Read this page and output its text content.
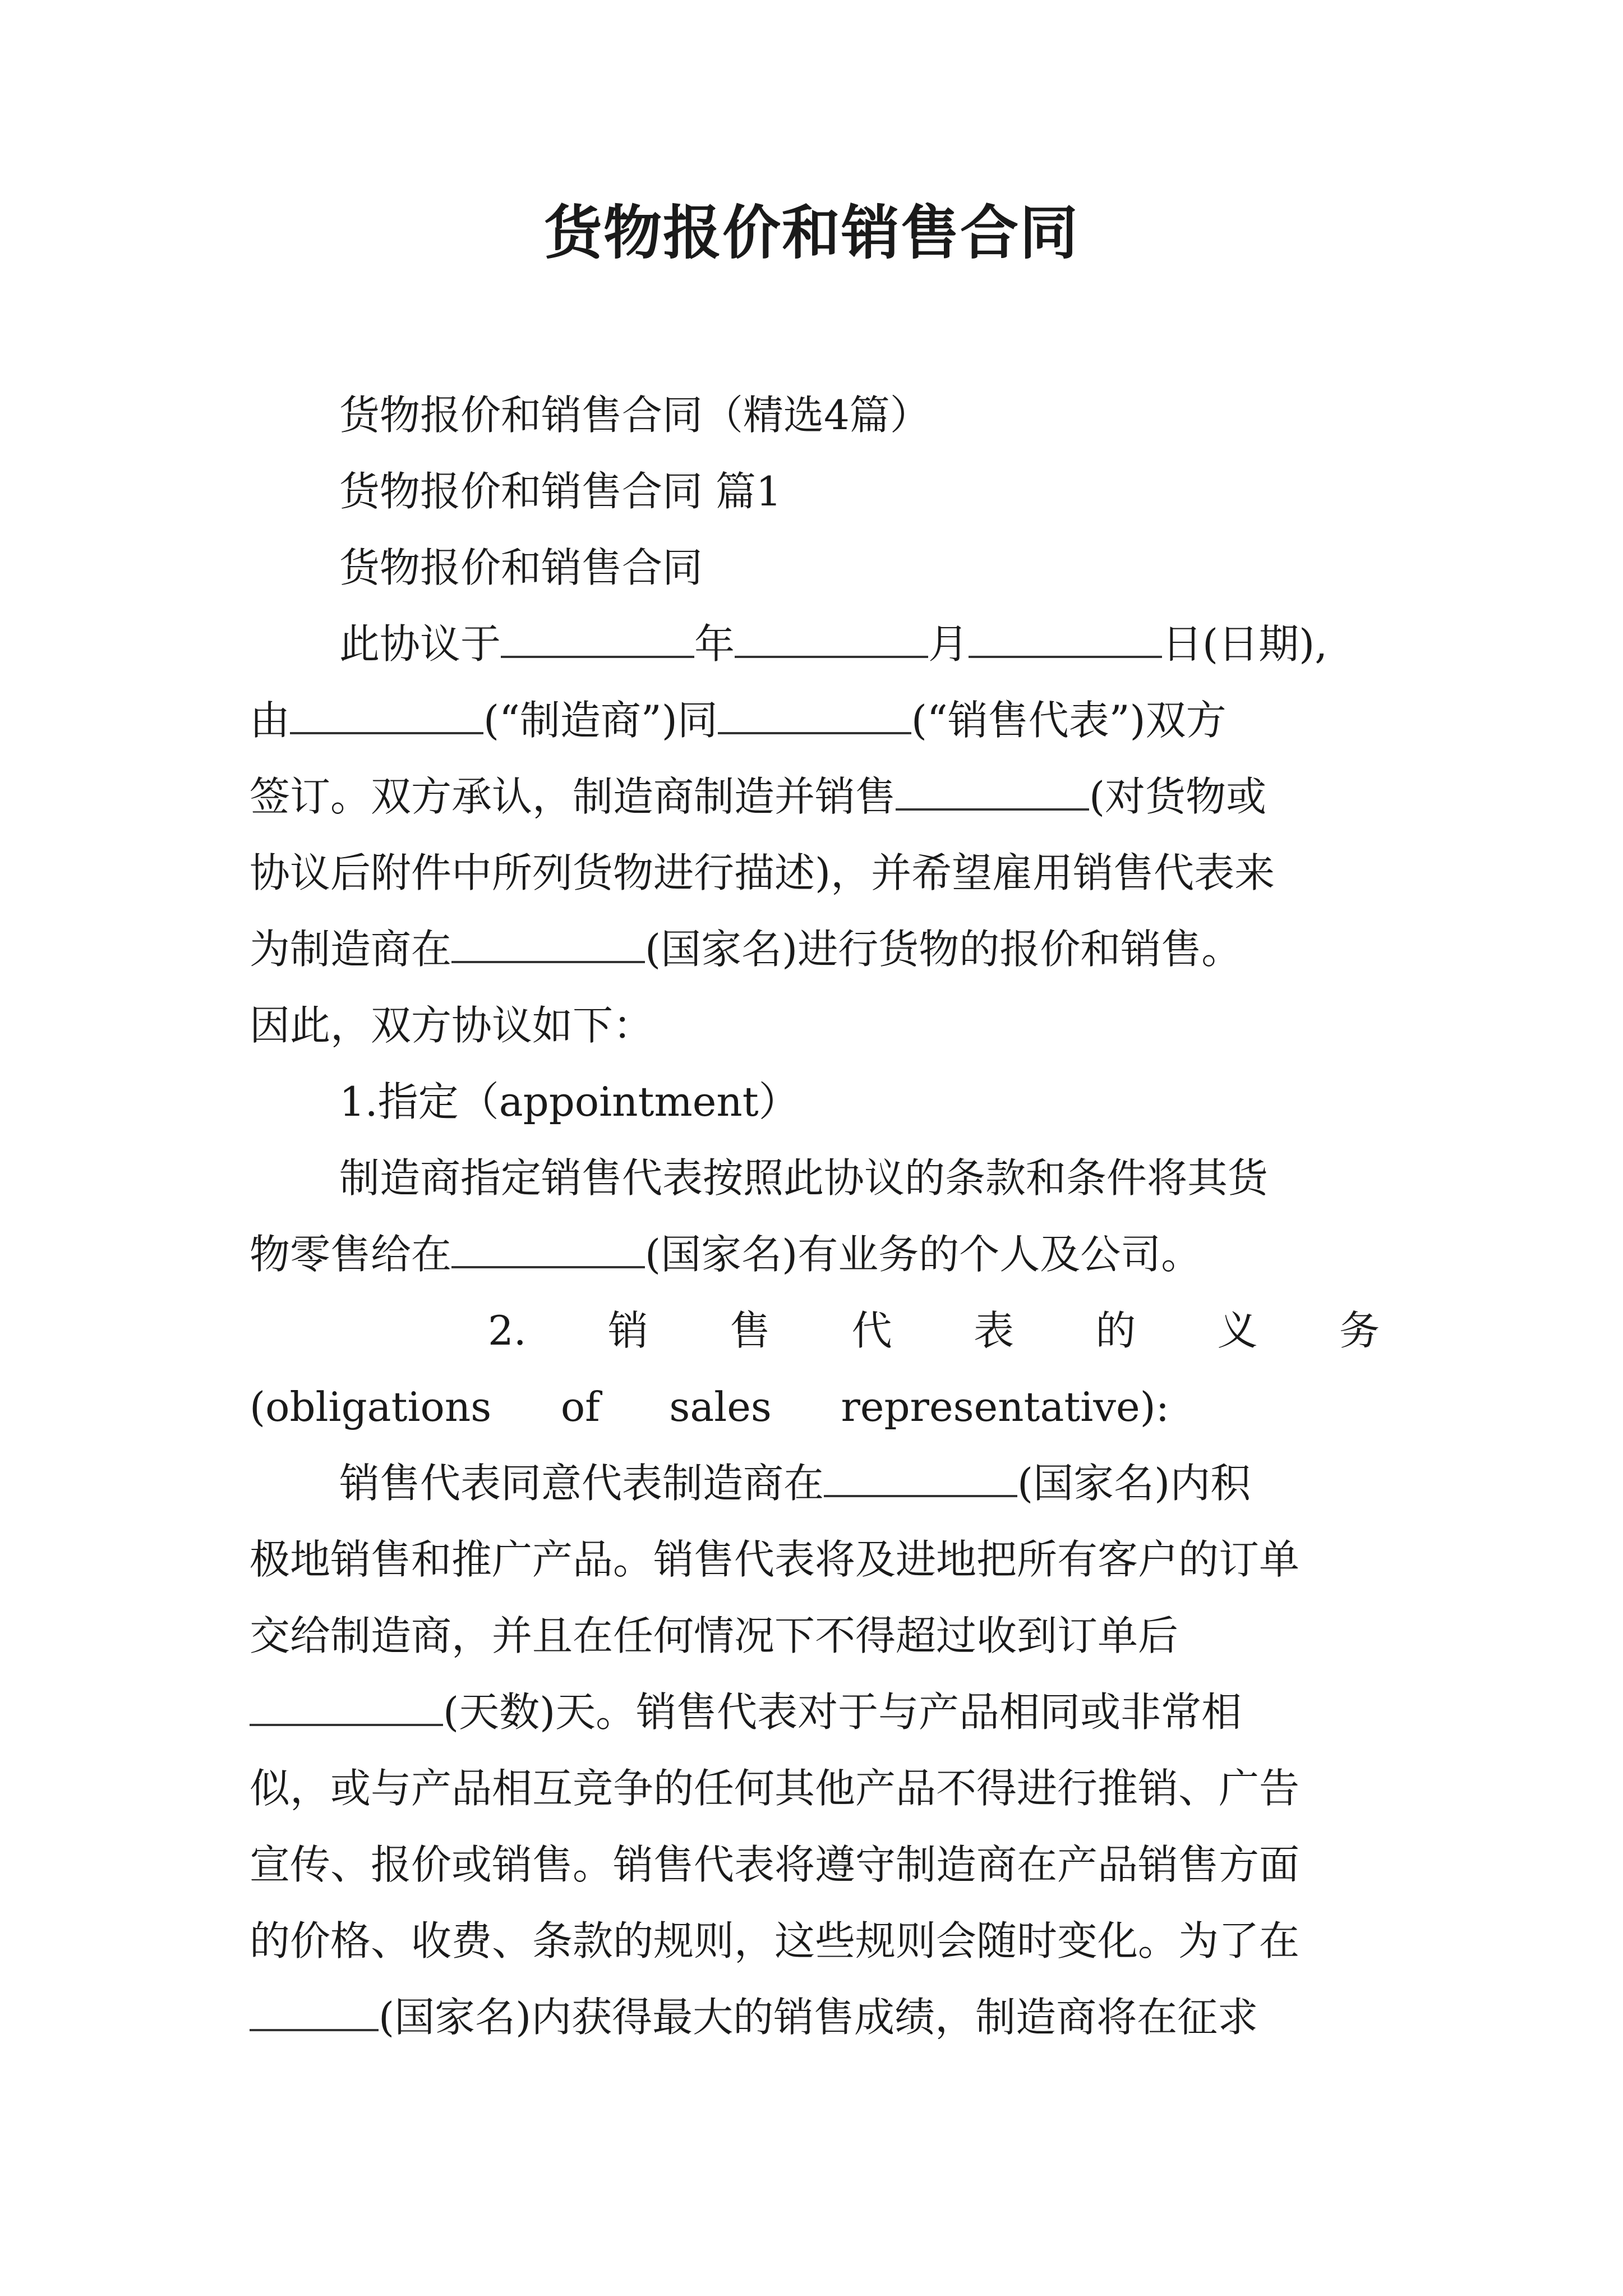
货物报价和销售合同
货物报价和销售合同（精选4篇）
货物报价和销售合同 篇1
货物报价和销售合同
此协议于	年	月	日(日期),
由	(“制造商”)同	(“销售代表”)双方
签订。双方承认，制造商制造并销售	(对货物或
协议后附件中所列货物进行描述)，并希望雇用销售代表来
为制造商在	(国家名)进行货物的报价和销售。
因此，双方协议如下：
1.指定（appointment）
制造商指定销售代表按照此协议的条款和条件将其货
物零售给在	(国家名)有业务的个人及公司。
2. 销 售 代 表 的 义 务
(obligations of sales representative):
销售代表同意代表制造商在	(国家名)内积
极地销售和推广产品。销售代表将及进地把所有客户的订单
交给制造商，并且在任何情况下不得超过收到订单后
(天数)天。销售代表对于与产品相同或非常相
似，或与产品相互竞争的任何其他产品不得进行推销、广告
宣传、报价或销售。销售代表将遵守制造商在产品销售方面
的价格、收费、条款的规则，这些规则会随时变化。为了在
(国家名)内获得最大的销售成绩，制造商将在征求
